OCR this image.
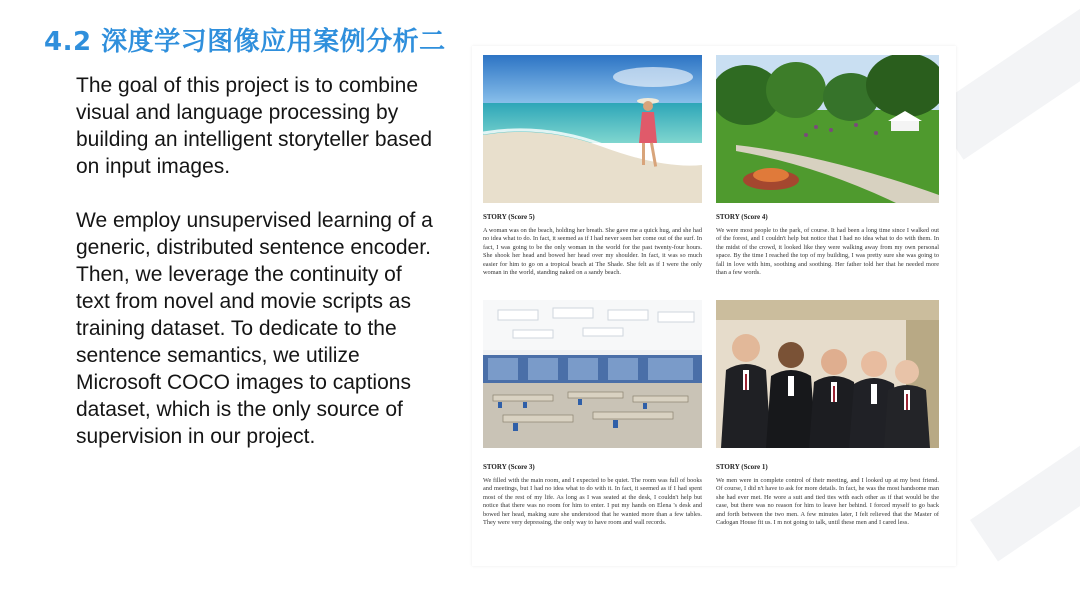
4.2 深度学习图像应用案例分析二

The goal of this project is to combine visual and language processing by building an intelligent storyteller based on input images.

We employ unsupervised learning of a generic, distributed sentence encoder. Then, we leverage the continuity of text from novel and movie scripts as training dataset. To dedicate to the sentence semantics, we utilize Microsoft COCO images to captions dataset, which is the only source of supervision in our project.

STORY (Score 5)

A woman was on the beach, holding her breath. She gave me a quick hug, and she had no idea what to do. In fact, it seemed as if I had never seen her come out of the surf. In fact, I was going to be the only woman in the world for the past twenty-four hours. She shook her head and bowed her head over my shoulder. In fact, it was so much easier for him to go on a tropical beach at The Shade. She felt as if I were the only woman in the world, standing naked on a sandy beach.

STORY (Score 4)

We were most people to the park, of course. It had been a long time since I walked out of the forest, and I couldn't help but notice that I had no idea what to do with them. In the midst of the crowd, it looked like they were walking away from my own personal space. By the time I reached the top of my building, I was pretty sure she was going to fall in love with him, soothing and soothing. Her father told her that he needed more than a few words.

STORY (Score 3)

We filled with the main room, and I expected to be quiet. The room was full of books and meetings, but I had no idea what to do with it. In fact, it seemed as if I had spent most of the rest of my life. As long as I was seated at the desk, I couldn't help but notice that there was no room for him to enter. I put my hands on Elena 's desk and bowed her head, making sure she understood that he wanted more than a few tables. They were very depressing, the only way to have room and wall records.

STORY (Score 1)

We men were in complete control of their meeting, and I looked up at my best friend. Of course, I did n't have to ask for more details. In fact, he was the most handsome man she had ever met. He wore a suit and tied ties with each other as if that would be the case, but there was no reason for him to leave her behind. I forced myself to go back and forth between the two men. A few minutes later, I felt relieved that the Master of Cadogan House fit us. I m not going to talk, until these men and I cared less.
